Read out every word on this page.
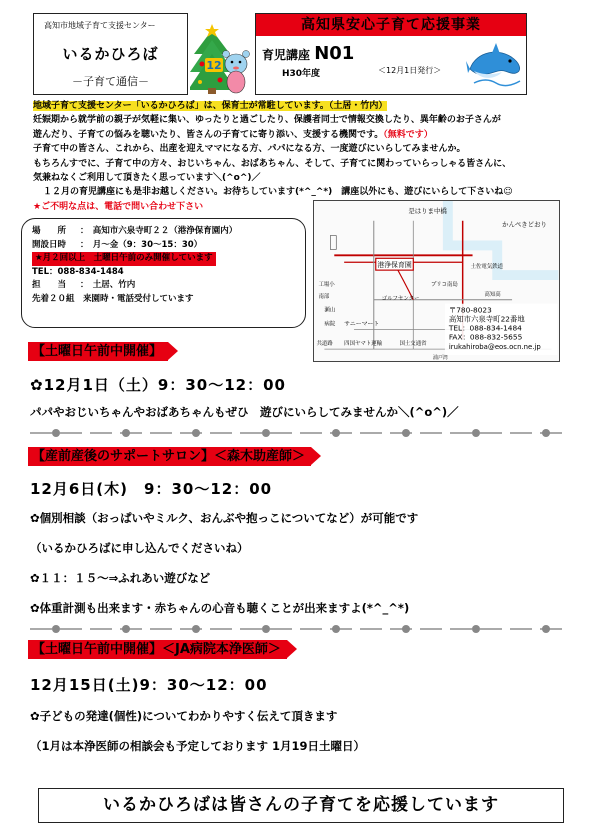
高知市地域子育て支援センター
いるかひろば
－子育て通信－
12
高知県安心子育て応援事業
育児講座 N01
H30年度	＜12月1日発行＞

地域子育て支援センター「いるかひろば」は、保育士が常駐しています。（土居・竹内）

妊娠期から就学前の親子が気軽に集い、ゆったりと過ごしたり、保護者同士で情報交換したり、異年齢のお子さんが

遊んだり、子育ての悩みを聴いたり、皆さんの子育てに寄り添い、支援する機関です。（無料です）

子育て中の皆さん、これから、出産を迎えママになる方、パパになる方、一度遊びにいらしてみませんか。

もちろんすでに、子育て中の方々、おじいちゃん、おばあちゃん、そして、子育てに関わっていらっしゃる皆さんに、

気兼ねなくご利用して頂きたく思っています＼(^o^)／

１２月の育児講座にも是非お越しください。お待ちしています(*^_^*)　講座以外にも、遊びにいらして下さいね☺

★ご不明な点は、電話で問い合わせ下さい

場　　所 ：　高知市六泉寺町２２（港浄保育園内）

開設日時 ：　月～金（9：30～15：30）

★月２回以上　土曜日午前のみ開催しています

TEL：088-834-1484

担　　当 ：　土居、竹内

先着２０組　来園時・電話受付しています

港浄保育園
是はりま中橋
かんぺきどおり
土佐電気鉄道
プリコ南島
高知高
ゴルフセンター
工場小
瀬山
病院 サニーマート
四国ヤマト運輸	国土交通省
共道路
南部
浦戸湾
〒780-8023
高知市六泉寺町22番地
TEL：088-834-1484
FAX：088-832-5655
irukahiroba@eos.ocn.ne.jp
【土曜日午前中開催】
✿12月1日（土）9：30～12：00
パパやおじいちゃんやおばあちゃんもぜひ　遊びにいらしてみませんか＼(^o^)／
【産前産後のサポートサロン】＜森木助産師＞
12月6日(木)　9：30～12：00
✿個別相談（おっぱいやミルク、おんぶや抱っこについてなど）が可能です
（いるかひろばに申し込んでくださいね）
✿１１：１５～⇒ふれあい遊びなど
✿体重計測も出来ます・赤ちゃんの心音も聴くことが出来ますよ(*^_^*)
【土曜日午前中開催】＜JA病院本浄医師＞
12月15日(土)9：30～12：00
✿子どもの発達(個性)についてわかりやすく伝えて頂きます
（1月は本浄医師の相談会も予定しております 1月19日土曜日）
いるかひろばは皆さんの子育てを応援しています
